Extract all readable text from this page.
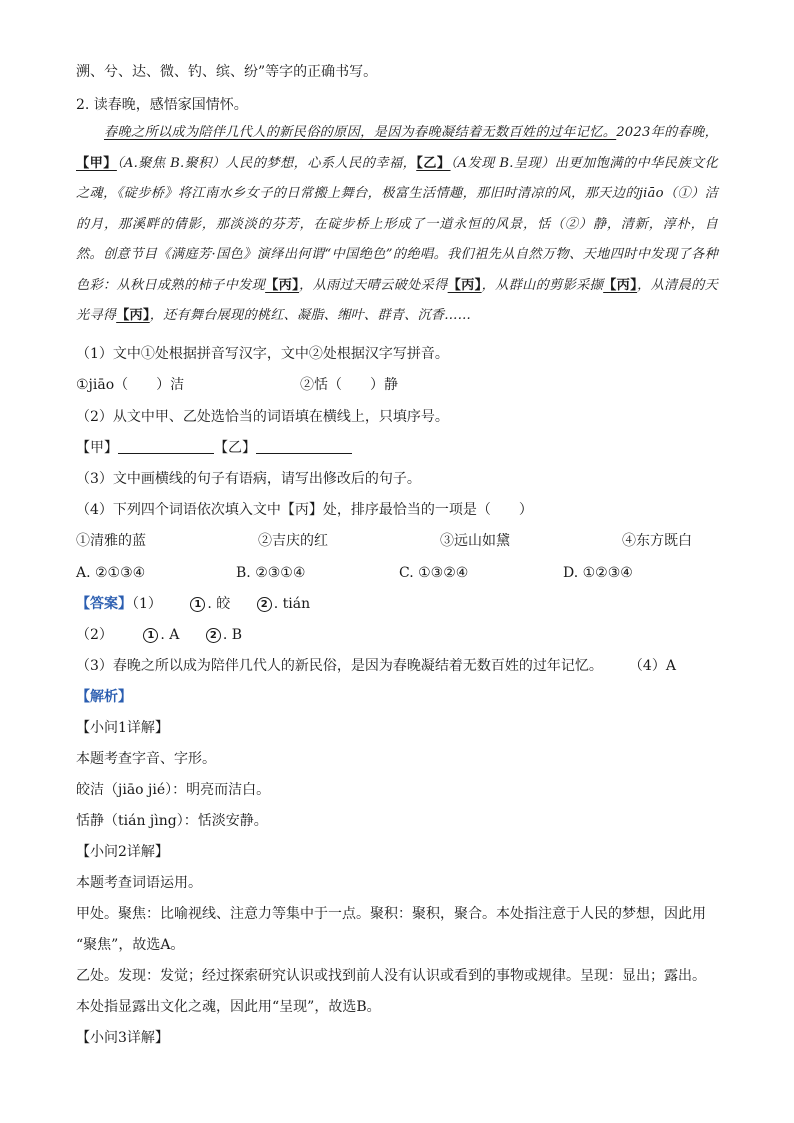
溯、兮、达、微、钓、缤、纷”等字的正确书写。
2. 读春晚，感悟家国情怀。

春晚之所以成为陪伴几代人的新民俗的原因，是因为春晚凝结着无数百姓的过年记忆。2023年的春晚，【甲】（A.聚焦 B.聚积）人民的梦想，心系人民的幸福，【乙】（A发现 B.呈现）出更加饱满的中华民族文化之魂，《碇步桥》将江南水乡女子的日常搬上舞台，极富生活情趣，那旧时清凉的风，那天边的jiāo（①）洁的月，那溪畔的倩影，那淡淡的芬芳，在碇步桥上形成了一道永恒的风景，恬（②）静，清新，淳朴，自然。创意节目《满庭芳·国色》演绎出何谓“中国绝色”的绝唱。我们祖先从自然万物、天地四时中发现了各种色彩：从秋日成熟的柿子中发现【丙】，从雨过天晴云破处采得【丙】，从群山的剪影采撷【丙】，从清晨的天光寻得【丙】，还有舞台展现的桃红、凝脂、缃叶、群青、沉香……

（1）文中①处根据拼音写汉字，文中②处根据汉字写拼音。
①jiāo（　　）洁	②恬（　　）静
（2）从文中甲、乙处选恰当的词语填在横线上，只填序号。
【甲】	【乙】
（3）文中画横线的句子有语病，请写出修改后的句子。
（4）下列四个词语依次填入文中【丙】处，排序最恰当的一项是（　　）
①清雅的蓝	②吉庆的红	③远山如黛	④东方既白
A. ②①③④	B. ②③①④	C. ①③②④	D. ①②③④
【答案】（1）	1 . 皎	2 . tián
（2）	1 . A	2 . B
（3）春晚之所以成为陪伴几代人的新民俗，是因为春晚凝结着无数百姓的过年记忆。 （4）A
【解析】
【小问1详解】
本题考查字音、字形。
皎洁（jiāo jié）：明亮而洁白。
恬静（tián jìng）：恬淡安静。
【小问2详解】
本题考查词语运用。
甲处。聚焦：比喻视线、注意力等集中于一点。聚积：聚积，聚合。本处指注意于人民的梦想，因此用
“聚焦”，故选A。
乙处。发现：发觉；经过探索研究认识或找到前人没有认识或看到的事物或规律。呈现：显出；露出。
本处指显露出文化之魂，因此用“呈现”，故选B。
【小问3详解】
